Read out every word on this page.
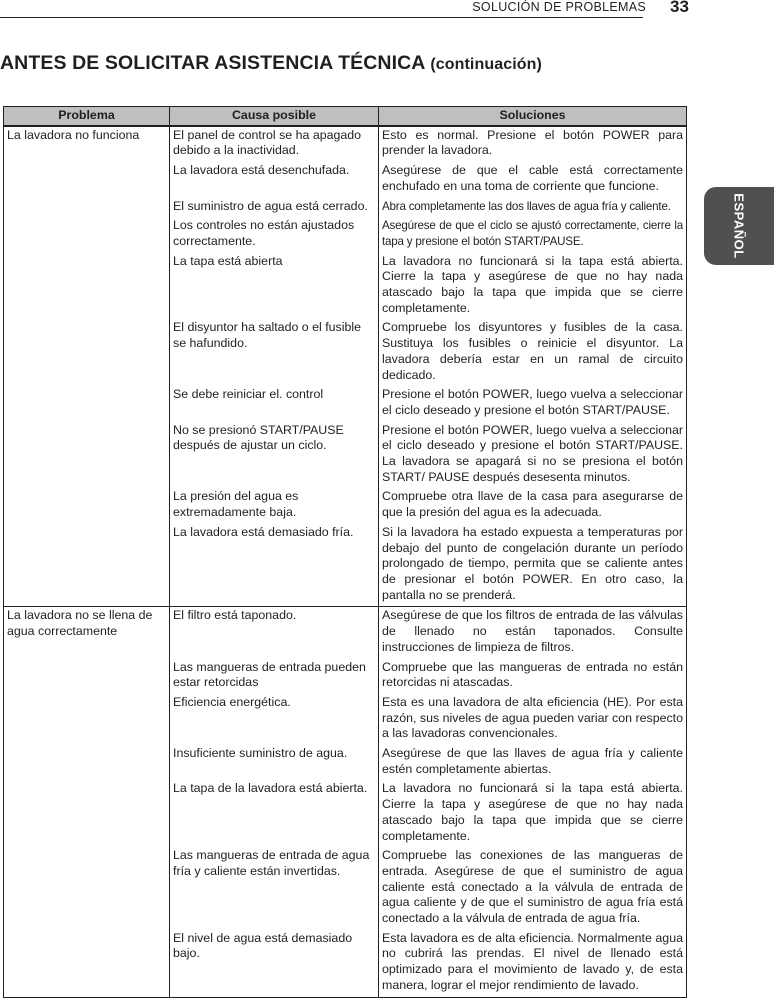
SOLUCIÓN DE PROBLEMAS 33
ANTES DE SOLICITAR ASISTENCIA TÉCNICA (continuación)
ESPAÑOL
Problema	Causa posible	Soluciones
La lavadora no funciona	El panel de control se ha apagado debido a la inactividad.	Esto es normal. Presione el botón POWER para prender la lavadora.
	La lavadora está desenchufada.	Asegúrese de que el cable está correctamente enchufado en una toma de corriente que funcione.
	El suministro de agua está cerrado.	Abra completamente las dos llaves de agua fría y caliente.
	Los controles no están ajustados correctamente.	Asegúrese de que el ciclo se ajustó correctamente, cierre la tapa y presione el botón START/PAUSE.
	La tapa está abierta	La lavadora no funcionará si la tapa está abierta. Cierre la tapa y asegúrese de que no hay nada atascado bajo la tapa que impida que se cierre completamente.
	El disyuntor ha saltado o el fusible se hafundido.	Compruebe los disyuntores y fusibles de la casa. Sustituya los fusibles o reinicie el disyuntor. La lavadora debería estar en un ramal de circuito dedicado.
	Se debe reiniciar el. control	Presione el botón POWER, luego vuelva a seleccionar el ciclo deseado y presione el botón START/PAUSE.
	No se presionó START/PAUSE después de ajustar un ciclo.	Presione el botón POWER, luego vuelva a seleccionar el ciclo deseado y presione el botón START/PAUSE. La lavadora se apagará si no se presiona el botón START/ PAUSE después desesenta minutos.
	La presión del agua es extremadamente baja.	Compruebe otra llave de la casa para asegurarse de que la presión del agua es la adecuada.
	La lavadora está demasiado fría.	Si la lavadora ha estado expuesta a temperaturas por debajo del punto de congelación durante un período prolongado de tiempo, permita que se caliente antes de presionar el botón POWER. En otro caso, la pantalla no se prenderá.
La lavadora no se llena de agua correctamente	El filtro está taponado.	Asegúrese de que los filtros de entrada de las válvulas de llenado no están taponados. Consulte instrucciones de limpieza de filtros.
	Las mangueras de entrada pueden estar retorcidas	Compruebe que las mangueras de entrada no están retorcidas ni atascadas.
	Eficiencia energética.	Esta es una lavadora de alta eficiencia (HE). Por esta razón, sus niveles de agua pueden variar con respecto a las lavadoras convencionales.
	Insuficiente suministro de agua.	Asegúrese de que las llaves de agua fría y caliente estén completamente abiertas.
	La tapa de la lavadora está abierta.	La lavadora no funcionará si la tapa está abierta. Cierre la tapa y asegúrese de que no hay nada atascado bajo la tapa que impida que se cierre completamente.
	Las mangueras de entrada de agua fría y caliente están invertidas.	Compruebe las conexiones de las mangueras de entrada. Asegúrese de que el suministro de agua caliente está conectado a la válvula de entrada de agua caliente y de que el suministro de agua fría está conectado a la válvula de entrada de agua fría.
	El nivel de agua está demasiado bajo.	Esta lavadora es de alta eficiencia. Normalmente agua no cubrirá las prendas. El nivel de llenado está optimizado para el movimiento de lavado y, de esta manera, lograr el mejor rendimiento de lavado.
